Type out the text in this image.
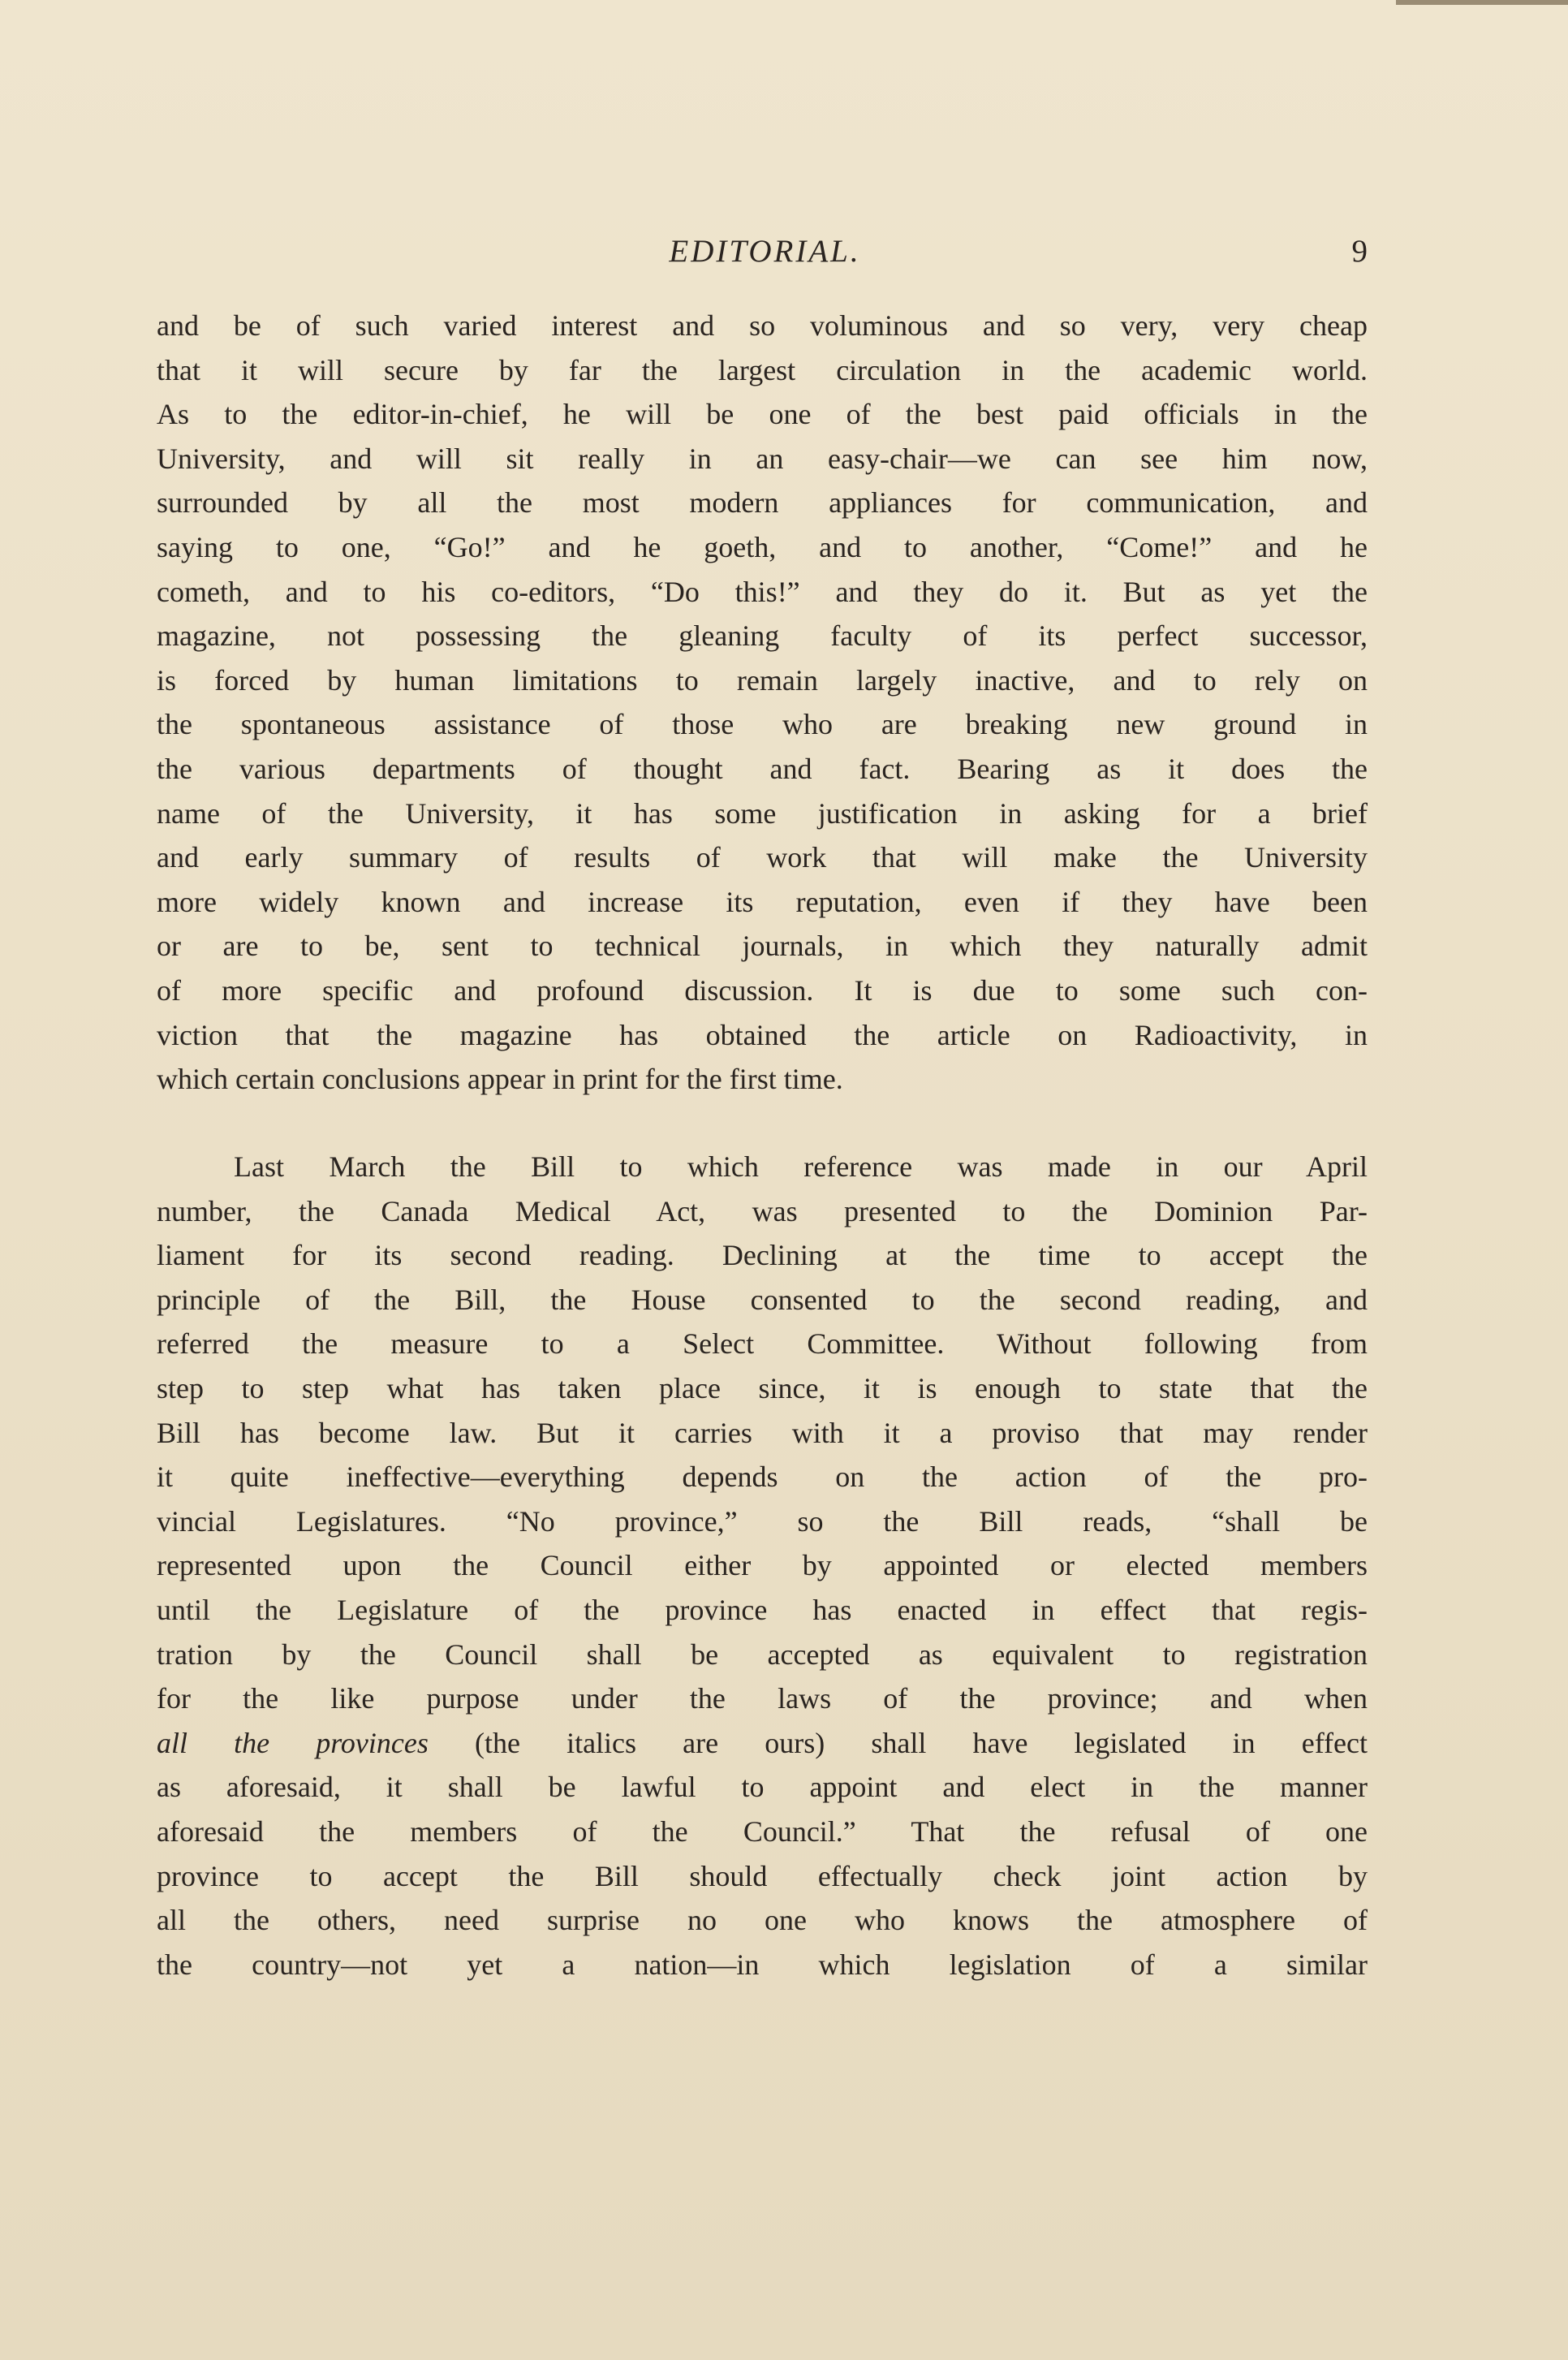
EDITORIAL.	9
and be of such varied interest and so voluminous and so very, very cheap
that it will secure by far the largest circulation in the academic world.
As to the editor-in-chief, he will be one of the best paid officials in the
University, and will sit really in an easy-chair—we can see him now,
surrounded by all the most modern appliances for communication, and
saying to one, “Go!” and he goeth, and to another, “Come!” and he
cometh, and to his co-editors, “Do this!” and they do it. But as yet the
magazine, not possessing the gleaning faculty of its perfect successor,
is forced by human limitations to remain largely inactive, and to rely on
the spontaneous assistance of those who are breaking new ground in
the various departments of thought and fact. Bearing as it does the
name of the University, it has some justification in asking for a brief
and early summary of results of work that will make the University
more widely known and increase its reputation, even if they have been
or are to be, sent to technical journals, in which they naturally admit
of more specific and profound discussion. It is due to some such con-
viction that the magazine has obtained the article on Radioactivity, in
which certain conclusions appear in print for the first time.
Last March the Bill to which reference was made in our April
number, the Canada Medical Act, was presented to the Dominion Par-
liament for its second reading. Declining at the time to accept the
principle of the Bill, the House consented to the second reading, and
referred the measure to a Select Committee. Without following from
step to step what has taken place since, it is enough to state that the
Bill has become law. But it carries with it a proviso that may render
it quite ineffective—everything depends on the action of the pro-
vincial Legislatures. “No province,” so the Bill reads, “shall be
represented upon the Council either by appointed or elected members
until the Legislature of the province has enacted in effect that regis-
tration by the Council shall be accepted as equivalent to registration
for the like purpose under the laws of the province; and when
all the provinces (the italics are ours) shall have legislated in effect
as aforesaid, it shall be lawful to appoint and elect in the manner
aforesaid the members of the Council.” That the refusal of one
province to accept the Bill should effectually check joint action by
all the others, need surprise no one who knows the atmosphere of
the country—not yet a nation—in which legislation of a similar
